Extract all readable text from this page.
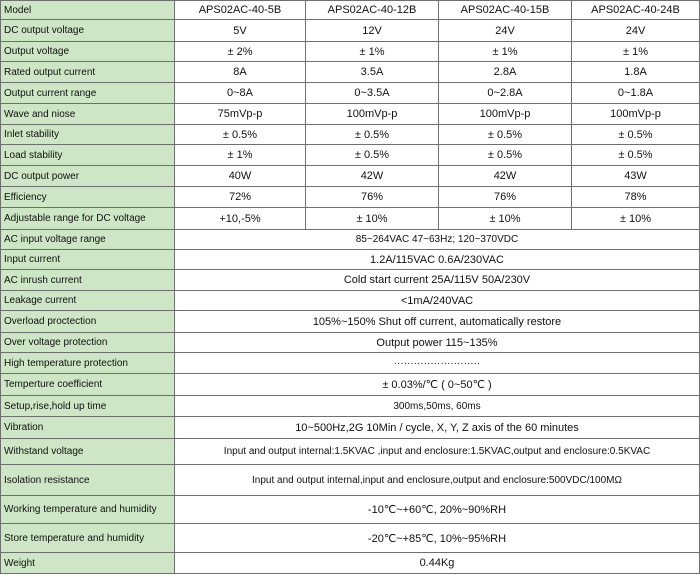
Model	APS02AC-40-5B	APS02AC-40-12B	APS02AC-40-15B	APS02AC-40-24B
DC output voltage	5V	12V	24V	24V
Output voltage	± 2%	± 1%	± 1%	± 1%
Rated output current	8A	3.5A	2.8A	1.8A
Output current range	0~8A	0~3.5A	0~2.8A	0~1.8A
Wave and niose	75mVp-p	100mVp-p	100mVp-p	100mVp-p
Inlet stability	± 0.5%	± 0.5%	± 0.5%	± 0.5%
Load stability	± 1%	± 0.5%	± 0.5%	± 0.5%
DC output power	40W	42W	42W	43W
Efficiency	72%	76%	76%	78%
Adjustable range for DC voltage	+10,-5%	± 10%	± 10%	± 10%
AC input voltage range	85~264VAC 47~63Hz; 120~370VDC			
Input current	1.2A/115VAC 0.6A/230VAC			
AC inrush current	Cold start current 25A/115V 50A/230V			
Leakage current	<1mA/240VAC			
Overload proctection	105%~150% Shut off current, automatically restore			
Over voltage protection	Output power 115~135%			
High temperature protection	··························			
Temperture coefficient	± 0.03%/℃ ( 0~50℃ )			
Setup,rise,hold up time	300ms,50ms, 60ms			
Vibration	10~500Hz,2G 10Min / cycle, X, Y, Z axis of the 60 minutes			
Withstand voltage	Input and output internal:1.5KVAC ,input and enclosure:1.5KVAC,output and enclosure:0.5KVAC			
Isolation resistance	Input and output internal,input and enclosure,output and enclosure:500VDC/100MΩ			
Working temperature and humidity	-10℃~+60℃, 20%~90%RH			
Store temperature and humidity	-20℃~+85℃, 10%~95%RH			
Weight	0.44Kg			
